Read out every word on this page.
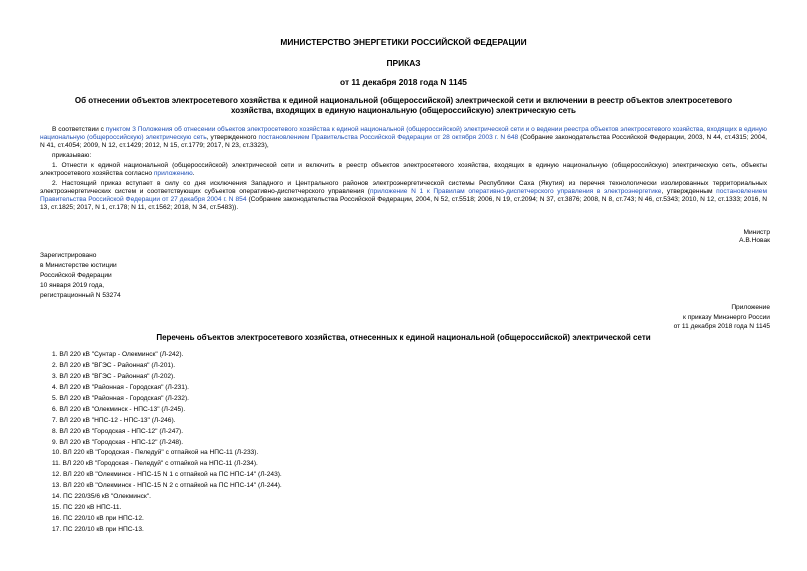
МИНИСТЕРСТВО ЭНЕРГЕТИКИ РОССИЙСКОЙ ФЕДЕРАЦИИ
ПРИКАЗ
от 11 декабря 2018 года N 1145
Об отнесении объектов электросетевого хозяйства к единой национальной (общероссийской) электрической сети и включении в реестр объектов электросетевого хозяйства, входящих в единую национальную (общероссийскую) электрическую сеть

В соответствии с пунктом 3 Положения об отнесении объектов электросетевого хозяйства к единой национальной (общероссийской) электрической сети и о ведении реестра объектов электросетевого хозяйства, входящих в единую национальную (общероссийскую) электрическую сеть, утвержденного постановлением Правительства Российской Федерации от 28 октября 2003 г. N 648 (Собрание законодательства Российской Федерации, 2003, N 44, ст.4315; 2004, N 41, ст.4054; 2009, N 12, ст.1429; 2012, N 15, ст.1779; 2017, N 23, ст.3323),

приказываю:

1. Отнести к единой национальной (общероссийской) электрической сети и включить в реестр объектов электросетевого хозяйства, входящих в единую национальную (общероссийскую) электрическую сеть, объекты электросетевого хозяйства согласно приложению.

2. Настоящий приказ вступает в силу со дня исключения Западного и Центрального районов электроэнергетической системы Республики Саха (Якутия) из перечня технологически изолированных территориальных электроэнергетических систем и соответствующих субъектов оперативно-диспетчерского управления (приложение N 1 к Правилам оперативно-диспетчерского управления в электроэнергетике, утвержденным постановлением Правительства Российской Федерации от 27 декабря 2004 г. N 854 (Собрание законодательства Российской Федерации, 2004, N 52, ст.5518; 2006, N 19, ст.2094; N 37, ст.3876; 2008, N 8, ст.743; N 46, ст.5343; 2010, N 12, ст.1333; 2016, N 13, ст.1825; 2017, N 1, ст.178; N 11, ст.1562; 2018, N 34, ст.5483)).

Министр
А.В.Новак
Зарегистрировано
в Министерстве юстиции
Российской Федерации
10 января 2019 года,
регистрационный N 53274
Приложение
к приказу Минэнерго России
от 11 декабря 2018 года N 1145
Перечень объектов электросетевого хозяйства, отнесенных к единой национальной (общероссийской) электрической сети
1. ВЛ 220 кВ "Сунтар - Олекминск" (Л-242).
2. ВЛ 220 кВ "ВГЭС - Районная" (Л-201).
3. ВЛ 220 кВ "ВГЭС - Районная" (Л-202).
4. ВЛ 220 кВ "Районная - Городская" (Л-231).
5. ВЛ 220 кВ "Районная - Городская" (Л-232).
6. ВЛ 220 кВ "Олекминск - НПС-13" (Л-245).
7. ВЛ 220 кВ "НПС-12 - НПС-13" (Л-246).
8. ВЛ 220 кВ "Городская - НПС-12" (Л-247).
9. ВЛ 220 кВ "Городская - НПС-12" (Л-248).
10. ВЛ 220 кВ "Городская - Пеледуй" с отпайкой на НПС-11 (Л-233).
11. ВЛ 220 кВ "Городская - Пеледуй" с отпайкой на НПС-11 (Л-234).
12. ВЛ 220 кВ "Олекминск - НПС-15 N 1 с отпайкой на ПС НПС-14" (Л-243).
13. ВЛ 220 кВ "Олекминск - НПС-15 N 2 с отпайкой на ПС НПС-14" (Л-244).
14. ПС 220/35/6 кВ "Олекминск".
15. ПС 220 кВ НПС-11.
16. ПС 220/10 кВ при НПС-12.
17. ПС 220/10 кВ при НПС-13.
